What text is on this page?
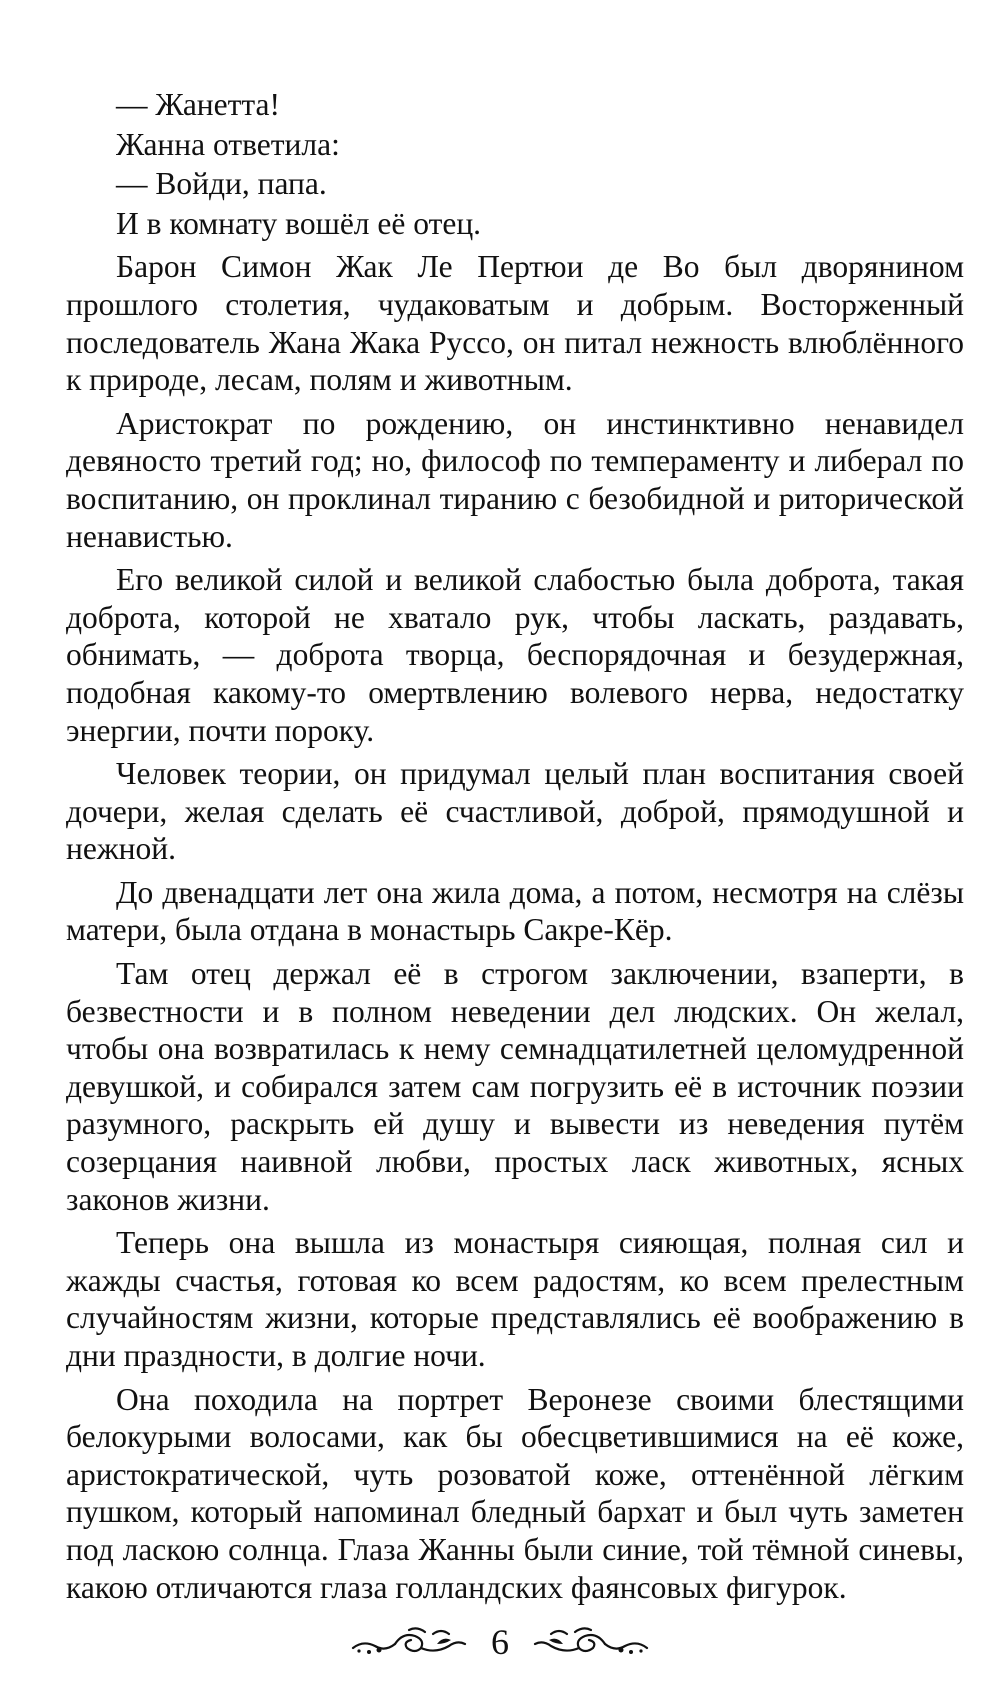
— Жанетта!

Жанна ответила:

— Войди, папа.

И в комнату вошёл её отец.

Барон Симон Жак Ле Пертюи де Во был дворянином прошлого столетия, чудаковатым и добрым. Восторженный последователь Жана Жака Руссо, он питал нежность влюблённого к природе, лесам, полям и животным.

Аристократ по рождению, он инстинктивно ненавидел девяносто третий год; но, философ по темпераменту и либерал по воспитанию, он проклинал тиранию с безобидной и риторической ненавистью.

Его великой силой и великой слабостью была доброта, такая доброта, которой не хватало рук, чтобы ласкать, раздавать, обнимать, — доброта творца, беспорядочная и безудержная, подобная какому-то омертвлению волевого нерва, недостатку энергии, почти пороку.

Человек теории, он придумал целый план воспитания своей дочери, желая сделать её счастливой, доброй, прямодушной и нежной.

До двенадцати лет она жила дома, а потом, несмотря на слёзы матери, была отдана в монастырь Сакре-Кёр.

Там отец держал её в строгом заключении, взаперти, в безвестности и в полном неведении дел людских. Он желал, чтобы она возвратилась к нему семнадцатилетней целомудренной девушкой, и собирался затем сам погрузить её в источник поэзии разумного, раскрыть ей душу и вывести из неведения путём созерцания наивной любви, простых ласк животных, ясных законов жизни.

Теперь она вышла из монастыря сияющая, полная сил и жажды счастья, готовая ко всем радостям, ко всем прелестным случайностям жизни, которые представлялись её воображению в дни праздности, в долгие ночи.

Она походила на портрет Веронезе своими блестящими белокурыми волосами, как бы обесцветившимися на её коже, аристократической, чуть розоватой коже, оттенённой лёгким пушком, который напоминал бледный бархат и был чуть заметен под ласкою солнца. Глаза Жанны были синие, той тёмной синевы, какою отличаются глаза голландских фаянсовых фигурок.

6
